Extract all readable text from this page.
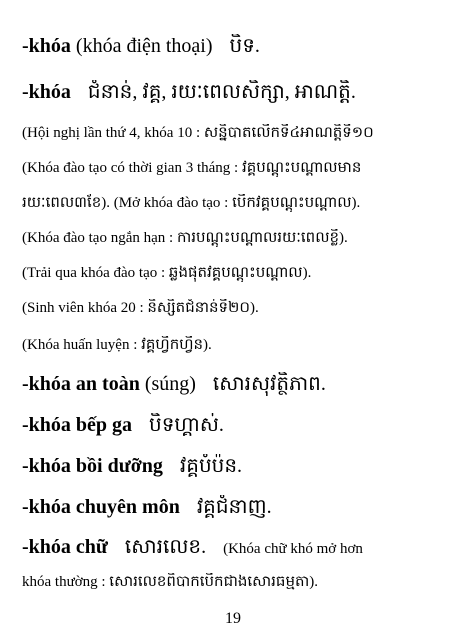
-khóa (khóa điện thoại) បិទ.
-khóa ជំនាន់, វគ្គ, រយៈពេលសិក្សា, អាណត្តិ.
(Hội nghị lần thứ 4, khóa 10 : សន្និបាតលើកទី៤អាណត្តិទី១០
(Khóa đào tạo có thời gian 3 tháng : វគ្គបណ្តុះបណ្តាលមាន
រយៈពេល៣ខែ). (Mở khóa đào tạo : បើកវគ្គបណ្តុះបណ្តាល).
(Khóa đào tạo ngắn hạn : ការបណ្តុះបណ្តាលរយៈពេលខ្លី).
(Trải qua khóa đào tạo : ឆ្លងផុតវគ្គបណ្តុះបណ្តាល).
(Sinh viên khóa 20 : និស្សិតជំនាន់ទី២០).
(Khóa huấn luyện : វគ្គហ្វឹកហ្វឺន).
-khóa an toàn (súng) សោរសុវត្ថិភាព.
-khóa bếp ga បិទហ្គាស់.
-khóa bồi dưỡng វគ្គបំប៉ន.
-khóa chuyên môn វគ្គជំនាញ.
-khóa chữ សោរលេខ. (Khóa chữ khó mở hơn
khóa thường : សោរលេខពិបាកបើកជាងសោរធម្មតា).
19
